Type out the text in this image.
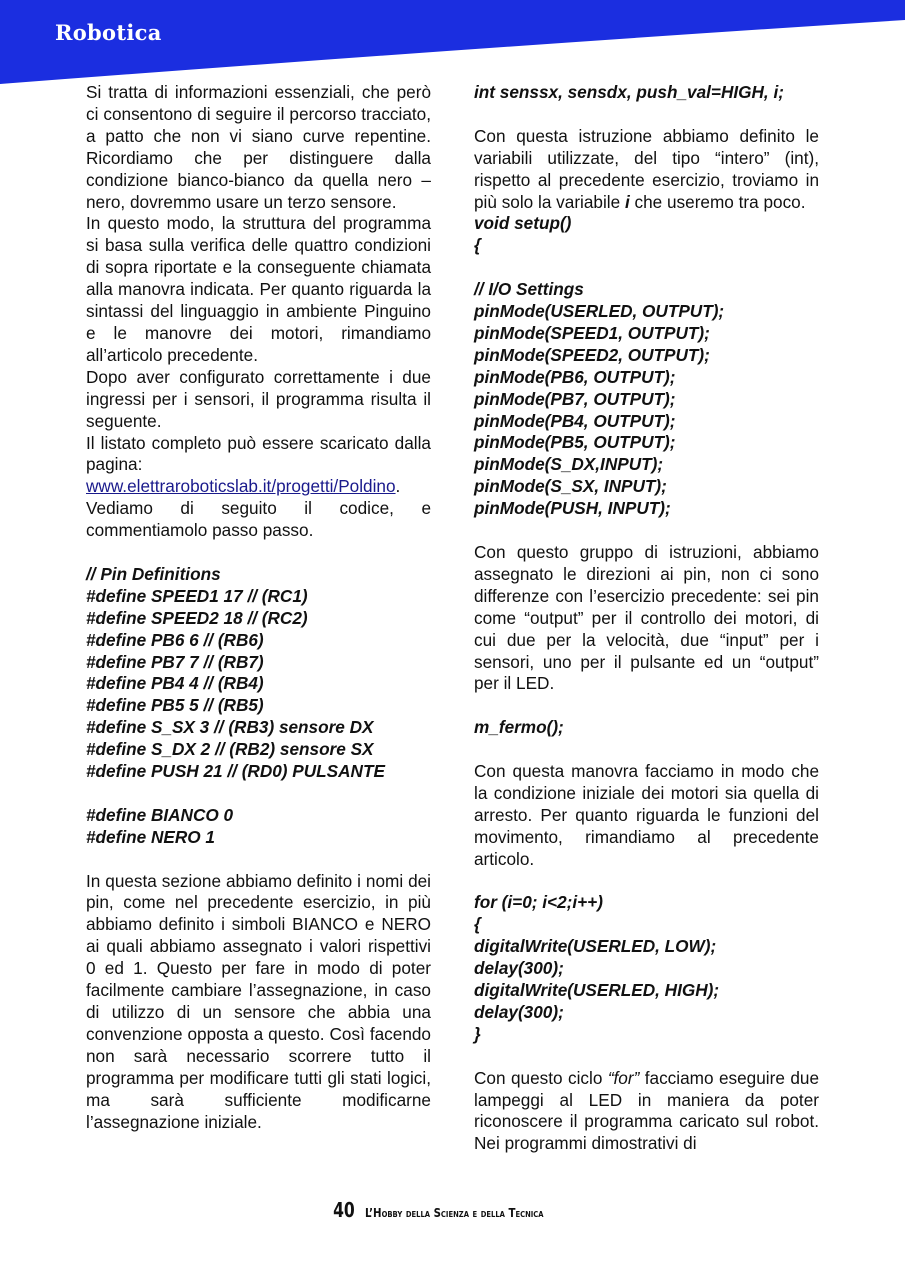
Robotica

Si tratta di informazioni essenziali, che però ci consentono di seguire il percorso tracciato, a patto che non vi siano curve repentine. Ricordiamo che per distinguere dalla condizione bianco-bianco da quella nero – nero, dovremmo usare un terzo sensore.

In questo modo, la struttura del programma si basa sulla verifica delle quattro condizioni di sopra riportate e la conseguente chiamata alla manovra indicata. Per quanto riguarda la sintassi del linguaggio in ambiente Pinguino e le manovre dei motori, rimandiamo all’articolo precedente.

Dopo aver configurato correttamente i due ingressi per i sensori, il programma risulta il seguente.

Il listato completo può essere scaricato dalla pagina:

www.elettraroboticslab.it/progetti/Poldino.

Vediamo di seguito il codice, e commentiamolo passo passo.

// Pin Definitions
#define SPEED1 17 // (RC1)
#define SPEED2 18 // (RC2)
#define PB6 6 // (RB6)
#define PB7 7 // (RB7)
#define PB4 4 // (RB4)
#define PB5 5 // (RB5)
#define S_SX 3 // (RB3) sensore DX
#define S_DX 2 // (RB2) sensore SX
#define PUSH 21 // (RD0) PULSANTE
#define BIANCO 0
#define NERO 1

In questa sezione abbiamo definito i nomi dei pin, come nel precedente esercizio, in più abbiamo definito i simboli BIANCO e NERO ai quali abbiamo assegnato i valori rispettivi 0 ed 1. Questo per fare in modo di poter facilmente cambiare l’assegnazione, in caso di utilizzo di un sensore che abbia una convenzione opposta a questo. Così facendo non sarà necessario scorrere tutto il programma per modificare tutti gli stati logici, ma sarà sufficiente modificarne l’assegnazione iniziale.

int senssx, sensdx, push_val=HIGH, i;

Con questa istruzione abbiamo definito le variabili utilizzate, del tipo “intero” (int), rispetto al precedente esercizio, troviamo in più solo la variabile i che useremo tra poco.

void setup()
{
// I/O Settings
pinMode(USERLED, OUTPUT);
pinMode(SPEED1, OUTPUT);
pinMode(SPEED2, OUTPUT);
pinMode(PB6, OUTPUT);
pinMode(PB7, OUTPUT);
pinMode(PB4, OUTPUT);
pinMode(PB5, OUTPUT);
pinMode(S_DX,INPUT);
pinMode(S_SX, INPUT);
pinMode(PUSH, INPUT);

Con questo gruppo di istruzioni, abbiamo assegnato le direzioni ai pin, non ci sono differenze con l’esercizio precedente: sei pin come “output” per il controllo dei motori, di cui due per la velocità, due “input” per i sensori, uno per il pulsante ed un “output” per il LED.

m_fermo();

Con questa manovra facciamo in modo che la condizione iniziale dei motori sia quella di arresto. Per quanto riguarda le funzioni del movimento, rimandiamo al precedente articolo.

for (i=0; i<2;i++)
{
digitalWrite(USERLED, LOW);
delay(300);
digitalWrite(USERLED, HIGH);
delay(300);
}

Con questo ciclo “for” facciamo eseguire due lampeggi al LED in maniera da poter riconoscere il programma caricato sul robot. Nei programmi dimostrativi di

40 L’Hobby della Scienza e della Tecnica
